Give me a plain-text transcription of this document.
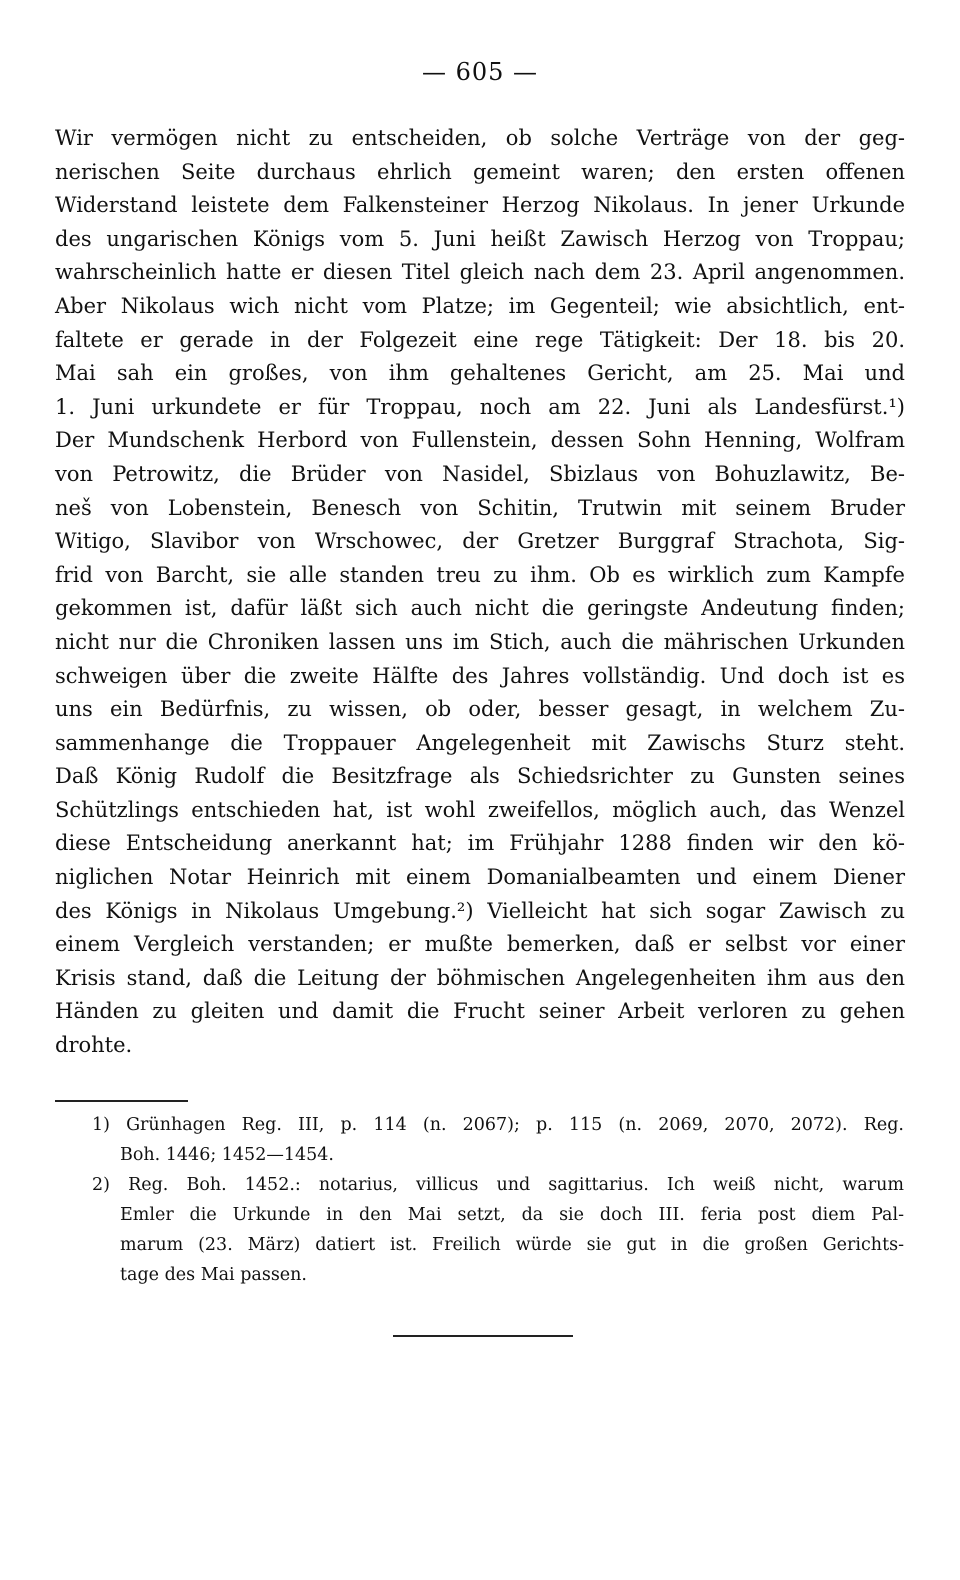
— 605 —
Wir vermögen nicht zu entscheiden, ob solche Verträge von der geg-
nerischen Seite durchaus ehrlich gemeint waren; den ersten offenen
Widerstand leistete dem Falkensteiner Herzog Nikolaus. In jener Urkunde
des ungarischen Königs vom 5. Juni heißt Zawisch Herzog von Troppau;
wahrscheinlich hatte er diesen Titel gleich nach dem 23. April angenommen.
Aber Nikolaus wich nicht vom Platze; im Gegenteil; wie absichtlich, ent-
faltete er gerade in der Folgezeit eine rege Tätigkeit: Der 18. bis 20.
Mai sah ein großes, von ihm gehaltenes Gericht, am 25. Mai und
1. Juni urkundete er für Troppau, noch am 22. Juni als Landesfürst.¹)
Der Mundschenk Herbord von Fullenstein, dessen Sohn Henning, Wolfram
von Petrowitz, die Brüder von Nasidel, Sbizlaus von Bohuzlawitz, Be-
neš von Lobenstein, Benesch von Schitin, Trutwin mit seinem Bruder
Witigo, Slavibor von Wrschowec, der Gretzer Burggraf Strachota, Sig-
frid von Barcht, sie alle standen treu zu ihm. Ob es wirklich zum Kampfe
gekommen ist, dafür läßt sich auch nicht die geringste Andeutung finden;
nicht nur die Chroniken lassen uns im Stich, auch die mährischen Urkunden
schweigen über die zweite Hälfte des Jahres vollständig. Und doch ist es
uns ein Bedürfnis, zu wissen, ob oder, besser gesagt, in welchem Zu-
sammenhange die Troppauer Angelegenheit mit Zawischs Sturz steht.
Daß König Rudolf die Besitzfrage als Schiedsrichter zu Gunsten seines
Schützlings entschieden hat, ist wohl zweifellos, möglich auch, das Wenzel
diese Entscheidung anerkannt hat; im Frühjahr 1288 finden wir den kö-
niglichen Notar Heinrich mit einem Domanialbeamten und einem Diener
des Königs in Nikolaus Umgebung.²) Vielleicht hat sich sogar Zawisch zu
einem Vergleich verstanden; er mußte bemerken, daß er selbst vor einer
Krisis stand, daß die Leitung der böhmischen Angelegenheiten ihm aus den
Händen zu gleiten und damit die Frucht seiner Arbeit verloren zu gehen
drohte.
1) Grünhagen Reg. III, p. 114 (n. 2067); p. 115 (n. 2069, 2070, 2072). Reg.
Boh. 1446; 1452—1454.
2) Reg. Boh. 1452.: notarius, villicus und sagittarius. Ich weiß nicht, warum
Emler die Urkunde in den Mai setzt, da sie doch III. feria post diem Pal-
marum (23. März) datiert ist. Freilich würde sie gut in die großen Gerichts-
tage des Mai passen.
